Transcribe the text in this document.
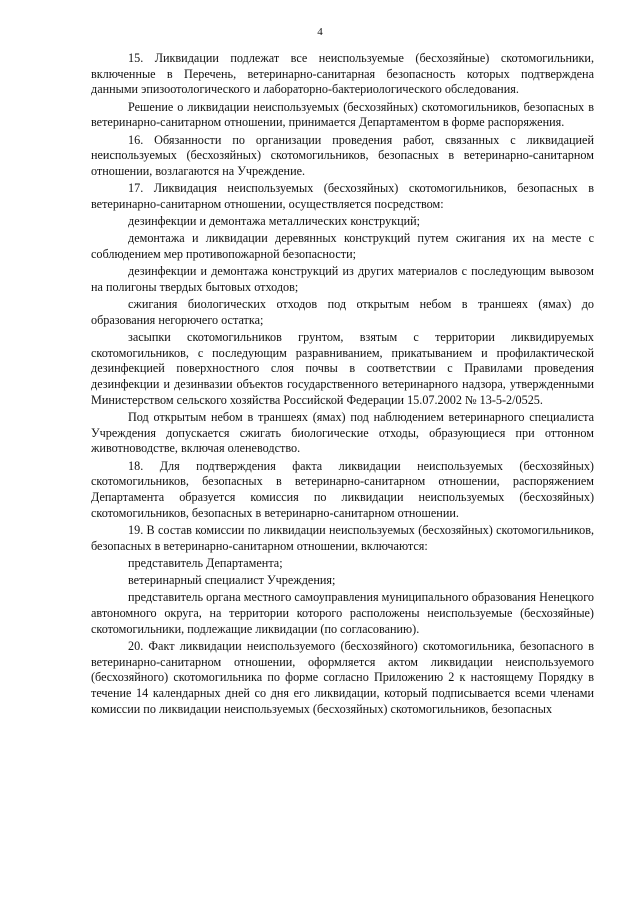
4

15. Ликвидации подлежат все неиспользуемые (бесхозяйные) скотомогильники, включенные в Перечень, ветеринарно-санитарная безопасность которых подтверждена данными эпизоотологического и лабораторно-бактериологического обследования.

Решение о ликвидации неиспользуемых (бесхозяйных) скотомогильников, безопасных в ветеринарно-санитарном отношении, принимается Департаментом в форме распоряжения.

16. Обязанности по организации проведения работ, связанных с ликвидацией неиспользуемых (бесхозяйных) скотомогильников, безопасных в ветеринарно-санитарном отношении, возлагаются на Учреждение.

17. Ликвидация неиспользуемых (бесхозяйных) скотомогильников, безопасных в ветеринарно-санитарном отношении, осуществляется посредством:

дезинфекции и демонтажа металлических конструкций;

демонтажа и ликвидации деревянных конструкций путем сжигания их на месте с соблюдением мер противопожарной безопасности;

дезинфекции и демонтажа конструкций из других материалов с последующим вывозом на полигоны твердых бытовых отходов;

сжигания биологических отходов под открытым небом в траншеях (ямах) до образования негорючего остатка;

засыпки скотомогильников грунтом, взятым с территории ликвидируемых скотомогильников, с последующим разравниванием, прикатыванием и профилактической дезинфекцией поверхностного слоя почвы в соответствии с Правилами проведения дезинфекции и дезинвазии объектов государственного ветеринарного надзора, утвержденными Министерством сельского хозяйства Российской Федерации 15.07.2002 № 13-5-2/0525.

Под открытым небом в траншеях (ямах) под наблюдением ветеринарного специалиста Учреждения допускается сжигать биологические отходы, образующиеся при оттонном животноводстве, включая оленеводство.

18. Для подтверждения факта ликвидации неиспользуемых (бесхозяйных) скотомогильников, безопасных в ветеринарно-санитарном отношении, распоряжением Департамента образуется комиссия по ликвидации неиспользуемых (бесхозяйных) скотомогильников, безопасных в ветеринарно-санитарном отношении.

19. В состав комиссии по ликвидации неиспользуемых (бесхозяйных) скотомогильников, безопасных в ветеринарно-санитарном отношении, включаются:

представитель Департамента;

ветеринарный специалист Учреждения;

представитель органа местного самоуправления муниципального образования Ненецкого автономного округа, на территории которого расположены неиспользуемые (бесхозяйные) скотомогильники, подлежащие ликвидации (по согласованию).

20. Факт ликвидации неиспользуемого (бесхозяйного) скотомогильника, безопасного в ветеринарно-санитарном отношении, оформляется актом ликвидации неиспользуемого (бесхозяйного) скотомогильника по форме согласно Приложению 2 к настоящему Порядку в течение 14 календарных дней со дня его ликвидации, который подписывается всеми членами комиссии по ликвидации неиспользуемых (бесхозяйных) скотомогильников, безопасных
